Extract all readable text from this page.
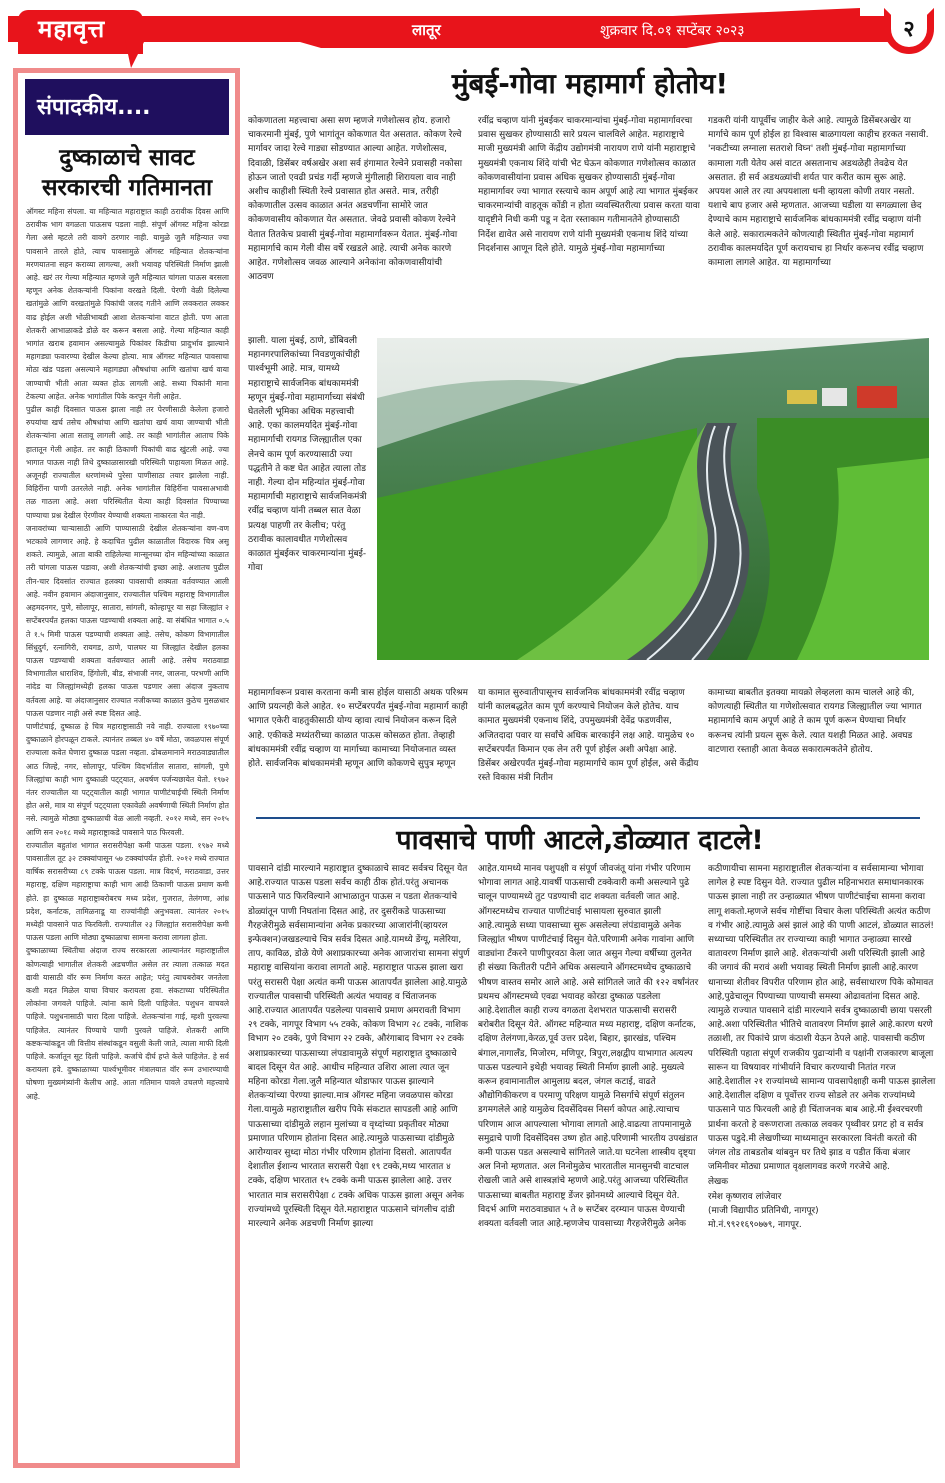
महावृत्त	लातूर	शुक्रवार दि.०१ सप्टेंबर २०२३	२
संपादकीय....
दुष्काळाचे सावट
सरकारची गतिमानता

ऑगस्ट महिना संपला. या महिन्यात महाराष्ट्रात काही ठरावीक दिवस आणि ठरावीक भाग वगळता पाऊसच पडला नाही. संपूर्ण ऑगस्ट महिना कोरडा गेला असे म्हटले तरी वावगे ठरणार नाही. यामुळे जुलै महिन्यात ज्या पावसाने तारले होते, त्याच पावसामुळे ऑगस्ट महिन्यात शेतकऱ्यांना मरणयातना सहन कराव्या लागल्या, अशी भयावह परिस्थिती निर्माण झाली आहे. खरं तर गेल्या महिन्यात म्हणजे जुलै महिन्यात चांगला पाऊस बरसला म्हणून अनेक शेतकऱ्यांनी पिकांना वरखते दिली. पेरणी वेळी दिलेल्या खतांमुळे आणि वरखतांमुळे पिकांची जलद गतीने आणि लवकरात लवकर वाढ होईल अशी भोळीभाबडी आशा शेतकऱ्यांना वाटत होती. पण आता शेतकरी आभाळाकडे डोळे वर करून बसला आहे. गेल्या महिन्यात काही भागांत खराब हवामान असल्यामुळे पिकांवर किडीचा प्रादुर्भाव झाल्याने महागड्या फवारण्या देखील केल्या होत्या. मात्र ऑगस्ट महिन्यात पावसाचा मोठा खंड पडला असल्याने महागड्या औषधांचा आणि खतांचा खर्च वाया जाण्याची भीती आता व्यक्त होऊ लागली आहे. सध्या पिकांनी माना टेकल्या आहेत. अनेक भागांतील पिके करपून गेली आहेत.

पुढील काही दिवसात पाऊस झाला नाही तर पेरणीसाठी केलेला हजारो रुपयांचा खर्च तसेच औषधांचा आणि खतांचा खर्च वाया जाण्याची भीती शेतकऱ्यांना आता सतावू लागली आहे. तर काही भागांतील आताच पिके हातातून गेली आहेत. तर काही ठिकाणी पिकांची वाढ खुंटली आहे. ज्या भागात पाऊस नाही तिथे दुष्काळासारखी परिस्थिती पाहायला मिळत आहे. अजूनही राज्यातील धरणांमध्ये पुरेसा पाणीसाठा तयार झालेला नाही. विहिरींना पाणी उतरलेले नाही. अनेक भागांतील विहिरींना पावसाअभावी तळ गाठला आहे. अशा परिस्थितीत येत्या काही दिवसांत पिण्याच्या पाण्याचा प्रश्न देखील ऐरणीवर येण्याची शक्यता नाकारता येत नाही.

जनावरांच्या चाऱ्यासाठी आणि पाण्यासाठी देखील शेतकऱ्यांना वण-वण भटकावे लागणार आहे. हे कदाचित पुढील काळातील विदारक चित्र असू शकते. त्यामुळे, आता बाकी राहिलेल्या मान्सूनच्या दोन महिन्यांच्या काळात तरी चांगला पाऊस पडावा, अशी शेतकऱ्यांची इच्छा आहे. अशातच पुढील तीन-चार दिवसांत राज्यात हलक्या पावसाची शक्यता वर्तवण्यात आली आहे. नवीन हवामान अंदाजानुसार, राज्यातील पश्चिम महाराष्ट्र विभागातील अहमदनगर, पुणे, सोलापूर, सातारा, सांगली, कोल्हापूर या सहा जिल्ह्यांत २ सप्टेंबरपर्यंत हलका पाऊस पडण्याची शक्यता आहे. या संबंधित भागात ०.५ ते १.५ मिमी पाऊस पडण्याची शक्यता आहे. तसेच, कोकण विभागातील सिंधुदुर्ग, रत्नागिरी, रायगड, ठाणे, पालघर या जिल्ह्यांत देखील हलका पाऊस पडण्याची शक्यता वर्तवण्यात आली आहे. तसेच मराठवाडा विभागातील धाराशिव, हिंगोली, बीड, संभाजी नगर, जालना, परभणी आणि नांदेड या जिल्ह्यांमध्येही हलका पाऊस पडणार असा अंदाज नुकताच वर्तवला आहे. या अंदाजानुसार राज्यात नजीकच्या काळात कुठेच मुसळधार पाऊस पडणार नाही असे स्पष्ट दिसत आहे.

पाणीटंचाई, दुष्काळ हे चित्र महाराष्ट्रासाठी नवे नाही. राज्याला १९७०च्या दुष्काळाने होरपळून टाकले. त्यानंतर तब्बल ४० वर्षे मोठा, जवळपास संपूर्ण राज्याला कवेत घेणारा दुष्काळ पडला नव्हता. ढोबळमानाने मराठवाड्यातील आठ जिल्हे, नगर, सोलापूर, पश्चिम विदर्भातील सातारा, सांगली, पुणे जिल्ह्यांचा काही भाग दुष्काळी पट्ट्यात, अवर्षण पर्जन्यछायेत येतो. १९७२ नंतर राज्यातील या पट्ट्यातील काही भागात पाणीटंचाईची स्थिती निर्माण होत असे, मात्र या संपूर्ण पट्ट्याला एकावेळी अवर्षणाची स्थिती निर्माण होत नसे. त्यामुळे मोठ्या दुष्काळाची वेळ आली नव्हती. २०१२ मध्ये, सन २०१५ आणि सन २०१८ मध्ये महाराष्ट्राकडे पावसाने पाठ फिरवली.

राज्यातील बहुतांश भागात सरासरीपेक्षा कमी पाऊस पडला. १९७२ मध्ये पावसातील तूट ३२ टक्क्यांपासून ५७ टक्क्यांपर्यंत होती. २०१२ मध्ये राज्यात वार्षिक सरासरीच्या ८९ टक्के पाऊस पडला. मात्र विदर्भ, मराठवाडा, उत्तर महाराष्ट्र, दक्षिण महाराष्ट्राचा काही भाग आदी ठिकाणी पाऊस प्रमाण कमी होते. हा दुष्काळ महाराष्ट्राबरोबरच मध्य प्रदेश, गुजरात, तेलंगणा, आंध्र प्रदेश, कर्नाटक, तामिळनाडू या राज्यांनीही अनुभवला. त्यानंतर २०१५ मध्येही पावसाने पाठ फिरविली. राज्यातील २३ जिल्ह्यांत सरासरीपेक्षा कमी पाऊस पडला आणि मोठ्या दुष्काळाचा सामना करावा लागला होता.

दुष्काळाच्या स्थितीचा अंदाज राज्य सरकारला आल्यानंतर महाराष्ट्रातील कोणत्याही भागातील शेतकरी अडचणीत असेल तर त्याला तत्काळ मदत द्यावी यासाठी वॉर रूम निर्माण करत आहेत; परंतु त्याचबरोबर जनतेला कशी मदत मिळेल याचा विचार करायला हवा. संकटाच्या परिस्थितीत लोकांना जगवले पाहिजे. त्यांना कामे दिली पाहिजेत. पशुधन वाचवले पाहिजे. पशुधनासाठी चारा दिला पाहिजे. शेतकऱ्यांना गाई, म्हशी पुरवल्या पाहिजेत. त्यानंतर पिण्याचे पाणी पुरवले पाहिजे. शेतकरी आणि कष्टकऱ्यांकडून जी वित्तीय संस्थांकडून वसुली केली जाते, त्याला माफी दिली पाहिजे. कर्जातून सूट दिली पाहिजे. कर्जाचे दीर्घ हप्ते केले पाहिजेत. हे सर्व करायला हवे. दुष्काळाच्या पार्श्वभूमीवर मंत्रालयात वॉर रूम उभारण्याची घोषणा मुख्यमंत्र्यांनी केलीच आहे. आता गतिमान पावले उचलणे महत्त्वाचे आहे.

मुंबई-गोवा महामार्ग होतोय!
कोकणातला महत्त्वाचा असा सण म्हणजे गणेशोत्सव होय. हजारो चाकरमानी मुंबई, पुणे भागांतून कोकणात येत असतात. कोकण रेल्वे मार्गावर जादा रेल्वे गाड्या सोडण्यात आल्या आहेत. गणेशोत्सव, दिवाळी, डिसेंबर वर्षअखेर अशा सर्व हंगामात रेल्वेने प्रवासही नकोसा होऊन जातो एवढी प्रचंड गर्दी म्हणजे मुंगीलाही शिरायला वाव नाही अशीच काहीशी स्थिती रेल्वे प्रवासात होत असते. मात्र, तरीही कोकणातील उत्सव काळात अनंत अडचणींना सामोरे जात कोकणवासीय कोकणात येत असतात. जेवढे प्रवासी कोकण रेल्वेने येतात तितकेच प्रवासी मुंबई-गोवा महामार्गावरून येतात. मुंबई-गोवा महामार्गाचे काम गेली वीस वर्षे रखडले आहे. त्याची अनेक कारणे आहेत. गणेशोत्सव जवळ आल्याने अनेकांना कोकणवासीयांची आठवण
रवींद्र चव्हाण यांनी मुंबईकर चाकरमान्यांचा मुंबई-गोवा महामार्गावरचा प्रवास सुखकर होण्यासाठी सारे प्रयत्न चालविले आहेत. महाराष्ट्राचे माजी मुख्यमंत्री आणि केंद्रीय उद्योगमंत्री नारायण राणे यांनी महाराष्ट्राचे मुख्यमंत्री एकनाथ शिंदे यांची भेट घेऊन कोकणात गणेशोत्सव काळात कोकणवासीयांना प्रवास अधिक सुखकर होण्यासाठी मुंबई-गोवा महामार्गावर ज्या भागात रस्त्याचे काम अपूर्ण आहे त्या भागात मुंबईकर चाकरमान्यांची वाहतूक कोंडी न होता व्यवस्थितरीत्या प्रवास करता यावा याद‍ृष्टीने निधी कमी पडू न देता रस्ताकाम गतीमानतेने होण्यासाठी निर्देश द्यावेत असे नारायण राणे यांनी मुख्यमंत्री एकनाथ शिंदे यांच्या निदर्शनास आणून दिले होते. यामुळे मुंबई-गोवा महामार्गाच्या
गडकरी यांनी यापूर्वीच जाहीर केले आहे. त्यामुळे डिसेंबरअखेर या मार्गाचे काम पूर्ण होईल हा विश्वास बाळगायला काहीच हरकत नसावी. 'नकटीच्या लग्नाला सतराशे विघ्न' तशी मुंबई-गोवा महामार्गाच्या कामाला गती येतेय असं वाटत असतानाच अडथळेही तेवढेच येत असतात. ही सर्व अडथळ्यांची शर्यत पार करीत काम सुरू आहे. अपयश आले तर त्या अपयशाला धनी व्हायला कोणी तयार नसतो. यशाचे बाप हजार असे म्हणतात. आजच्या घडीला या सगळ्याला छेद देण्याचे काम महाराष्ट्राचे सार्वजनिक बांधकाममंत्री रवींद्र चव्हाण यांनी केले आहे. सकारात्मकतेने कोणत्याही स्थितीत मुंबई-गोवा महामार्ग ठरावीक कालमर्यादेत पूर्ण करायचाच हा निर्धार करूनच रवींद्र चव्हाण कामाला लागले आहेत. या महामार्गाच्या
झाली. याला मुंबई, ठाणे, डोंबिवली महानगरपालिकांच्या निवडणुकांचीही पार्श्वभूमी आहे. मात्र, यामध्ये महाराष्ट्राचे सार्वजनिक बांधकाममंत्री म्हणून मुंबई-गोवा महामार्गाच्या संबंधी घेतलेली भूमिका अधिक महत्त्वाची आहे. एका कालमर्यादेत मुंबई-गोवा महामार्गाची रायगड जिल्ह्यातील एका लेनचे काम पूर्ण करण्यासाठी ज्या पद्धतीने ते कष्ट घेत आहेत त्याला तोड नाही. गेल्या दोन महिन्यांत मुंबई-गोवा महामार्गाची महाराष्ट्राचे सार्वजनिकमंत्री रवींद्र चव्हाण यांनी तब्बल सात वेळा प्रत्यक्ष पाहणी तर केलीच; परंतु ठरावीक कालावधीत गणेशोत्सव काळात मुंबईकर चाकरमान्यांना मुंबई-गोवा
महामार्गावरून प्रवास करताना कमी त्रास होईल यासाठी अथक परिश्रम आणि प्रयत्नही केले आहेत. १० सप्टेंबरपर्यंत मुंबई-गोवा महामार्ग काही भागात एकेरी वाहतुकीसाठी योग्य व्हावा त्याचं नियोजन करून दिले आहे. एकीकडे मध्यंतरीच्या काळात पाऊस कोसळत होता. तेव्हाही बांधकाममंत्री रवींद्र चव्हाण या मार्गाच्या कामाच्या नियोजनात व्यस्त होते. सार्वजनिक बांधकाममंत्री म्हणून आणि कोकणचे सुपुत्र म्हणून
या कामात सुरुवातीपासूनच सार्वजनिक बांधकाममंत्री रवींद्र चव्हाण यांनी कालबद्धतेत काम पूर्ण करण्याचे नियोजन केले होतेच. याच कामात मुख्यमंत्री एकनाथ शिंदे, उपमुख्यमंत्री देवेंद्र फडणवीस, अजितदादा पवार या सर्वांचे अधिक बारकाईने लक्ष आहे. यामुळेच १० सप्टेंबरपर्यंत किमान एक लेन तरी पूर्ण होईल अशी अपेक्षा आहे. डिसेंबर अखेरपर्यंत मुंबई-गोवा महामार्गाचे काम पूर्ण होईल, असे केंद्रीय रस्ते विकास मंत्री नितीन
कामाच्या बाबतीत इतक्या मायक्रो लेव्हलला काम चालले आहे की, कोणत्याही स्थितीत या गणेशोत्सवात रायगड जिल्ह्यातील ज्या भागात महामार्गाचे काम अपूर्ण आहे ते काम पूर्ण करून घेण्याचा निर्धार करूनच त्यांनी प्रयत्न सुरू केले. त्यात यशही मिळत आहे. अवघड वाटणारा रस्ताही आता केवळ सकारात्मकतेने होतोय.
पावसाचे पाणी आटले,डोळ्यात दाटले!
पावसाने दांडी मारल्याने महाराष्ट्रात दुष्काळाचे सावट सर्वत्रच दिसून येत आहे.राज्यात पाऊस पडला सर्वच काही ठीक होतं.परंतु अचानक पाऊसाने पाठ फिरविल्याने आभाळातुन पाऊस न पडता शेतकऱ्यांचे डोळ्यांतून पाणी निघतांना दिसत आहे, तर दुसरीकडे पाऊसाच्या गैरहजेरीमुळे सर्वसामान्यांना अनेक प्रकारच्या आजारांनी(व्हायरल इन्फेक्शन)जखडल्याचे चित्र सर्वत्र दिसत आहे.यामध्ये डेंग्यू, मलेरिया, ताप, काविळ, डोळे येणे अशाप्रकारच्या अनेक आजारांचा सामना संपुर्ण महाराष्ट्र वासियांना करावा लागतो आहे. महाराष्ट्रात पाऊस झाला खरा परंतु सरासरी पेक्षा अत्यंत कमी पाऊस आतापर्यंत झालेला आहे.यामुळे राज्यातील पावसाची परिस्थिती अत्यंत भयावह व चिंताजनक आहे.राज्यात आतापर्यंत पडलेल्या पावसाचे प्रमाण अमरावती विभाग २९ टक्के, नागपूर विभाग ५५ टक्के, कोकण विभाग २८ टक्के, नाशिक विभाग २० टक्के, पुणे विभाग २२ टक्के, औरंगाबाद विभाग २२ टक्के अशाप्रकारच्या पाऊसाच्या लंपडावामुळे संपूर्ण महाराष्ट्रात दुष्काळाचे बादल दिसून येत आहे. आधीच महिन्यात उशिरा आला त्यात जून महिना कोरडा गेला.जुलै महिन्यात थोडाफार पाऊस झाल्याने शेतकऱ्यांच्या पेरण्या झाल्या.मात्र ऑगस्ट महिना जवळपास कोरडा गेला.यामुळे महाराष्ट्रातील खरीप पिके संकटात सापडली आहे आणि पाऊसाच्या दांडीमुळे लहान मुलांच्या व वृध्दांच्या प्रकृतीवर मोठ्या प्रमाणात परिणाम होतांना दिसत आहे.त्यामुळे पाऊसाच्या दांडीमुळे आरोग्यावर सुध्दा मोठा गंभीर परिणाम होतांना दिसतो. आतापर्यंत देशातील ईशान्य भारतात सरासरी पेक्षा १९ टक्के,मध्य भारतात ४ टक्के, दक्षिण भारतात १५ टक्के कमी पाऊस झालेला आहे. उत्तर भारतात मात्र सरासरीपेक्षा ८ टक्के अधिक पाऊस झाला असून अनेक राज्यांमध्ये पूरस्थिती दिसून येते.महाराष्ट्रात पाऊसाने चांगलीच दांडी मारल्याने अनेक अडचणी निर्माण झाल्या
आहेत.यामध्ये मानव पशुपक्षी व संपूर्ण जीवजंतू यांना गंभीर परिणाम भोगावा लागत आहे.यावर्षी पाऊसाची टक्केवारी कमी असल्याने पुढे चालून पाण्यामध्ये तुट पडण्याची दाट शक्यता वर्तवली जात आहे. ऑगस्टमध्येच राज्यात पाणीटंचाई भासायला सुरुवात झाली आहे.त्यामुळे सध्या पावसाच्या सुरू असलेल्या लंपंडावामुळे अनेक जिल्ह्यांत भीषण पाणीटंचाई दिसुन येते.परिणामी अनेक गावांना आणि वाड्यांना टँकरने पाणीपुरवठा केला जात असुन गेल्या वर्षीच्या तुलनेत ही संख्या कितीतरी पटीने अधिक असल्याने ऑगस्टमध्येच दुष्काळाचे भीषण वास्तव समोर आले आहे. असे सांगितले जाते की १२२ वर्षांनंतर प्रथमच ऑगस्टमध्ये एवढा भयावह कोरडा दुष्काळ पडलेला आहे.देशातील काही राज्य वगळता देशभरात पाऊसाची सरासरी बरोबरीत दिसून येते. ऑगस्ट महिन्यात मध्य महाराष्ट्र, दक्षिण कर्नाटक, दक्षिण तेलंगणा,केरळ,पूर्व उत्तर प्रदेश, बिहार, झारखंड, पश्चिम बंगाल,नागालँड, मिजोरम, मणिपूर, त्रिपुरा,लक्षद्वीप याभागात अत्यल्प पाऊस पडल्याने इथेही भयावह स्थिती निर्माण झाली आहे. मुख्यत्वे करून हवामानातील आमुलाग्र बदल, जंगल कटाई, वाढते औद्योगिकीकरण व परमाणु परिक्षण यामुळे निसर्गाचे संपूर्ण संतुलन डगमगलेले आहे यामुळेच दिवसेंदिवस निसर्ग कोपत आहे.त्याचाच परिणाम आज आपल्याला भोगावा लागतो आहे.वाढत्या तापमानामुळे समुद्राचे पाणी दिवसेंदिवस उष्ण होत आहे.परिणामी भारतीय उपखंडात कमी पाऊस पडत असल्याचे सांगितले जाते.या घटनेला शास्त्रीय दृष्ट्या अल निनो म्हणतात. अल निनोमुळेच भारतातील मानसुनची वाटचाल रोखली जाते असे शास्त्रज्ञांचे म्हणणे आहे.परंतु आजच्या परिस्थितीत पाऊसाच्या बाबतीत महाराष्ट्र डेंजर झोनमध्ये आल्याचे दिसून येते. विदर्भ आणि मराठवाड्यात ५ ते ७ सप्टेंबर दरम्यान पाऊस येण्याची शक्यता वर्तवली जात आहे.म्हणजेच पावसाच्या गैरहजेरीमुळे अनेक
कठीणायीचा सामना महाराष्ट्रातील शेतकऱ्यांना व सर्वसामान्या भोगावा लागेल हे स्पष्ट दिसुन येते. राज्यात पुढील महिनाभरात समाधानकारक पाऊस झाला नाही तर उन्हाळ्यात भीषण पाणीटंचाईचा सामना करावा लागू शकतो.म्हणजे सर्वच गोष्टींचा विचार केला परिस्थिती अत्यंत कठीण व गंभीर आहे.त्यामुळे असं झालं आहे की पाणी आटलं, डोळ्यात साठलं! सध्याच्या परिस्थितीत तर राज्याच्या काही भागात उन्हाळ्या सारखे वातावरण निर्माण झाले आहे. शेतकऱ्यांची अशी परिस्थिती झाली आहे की जगावं की मरावं अशी भयावह स्थिती निर्माण झाली आहे.कारण धानाच्या शेतीवर विपरीत परिणाम होत आहे, सर्वसाधारण पिके कोमावत आहे,पुढेचालून पिण्याच्या पाण्याची समस्या ओढावतांना दिसत आहे. त्यामुळे राज्यात पावसाने दांडी मारल्याने सर्वत्र दुष्काळाची छाया पसरली आहे.अशा परिस्थितीत भीतिचे वातावरण निर्माण झाले आहे.कारण धरणे तळाशी, तर पिकांचे प्राण कंठाशी येऊन ठेपले आहे. पावसाची कठीण परिस्थिती पहाता संपूर्ण राजकीय पुढाऱ्यांनी व पक्षांनी राजकारण बाजूला सारून या विषयावर गांभीर्याने विचार करण्याची नितांत गरज आहे.देशातील २१ राज्यांमध्ये सामान्य पावसापेक्षाही कमी पाऊस झालेला आहे.देशातील दक्षिण व पूर्वोत्तर राज्य सोडले तर अनेक राज्यांमध्ये पाऊसाने पाठ फिरवली आहे ही चिंताजनक बाब आहे.मी ईश्वरचरणी प्रार्थना करतो हे वरूणराजा तत्काळ लवकर पृथ्वीवर प्रगट हो व सर्वत्र पाऊस पडुदे.मी लेखणीच्या माध्यमातून सरकारला विनंती करतो की जंगल तोड ताबडतोब थांबवुन घर तिथे झाड व पडीत किंवा बंजार जमिनीवर मोठ्या प्रमाणात वृक्षलागवड करणे गरजेचे आहे.
लेखक
रमेश कृष्णराव लांजेवार
(माजी विद्यापीठ प्रतिनिधी, नागपूर)
मो.नं.९९२१६९०७७९, नागपूर.
